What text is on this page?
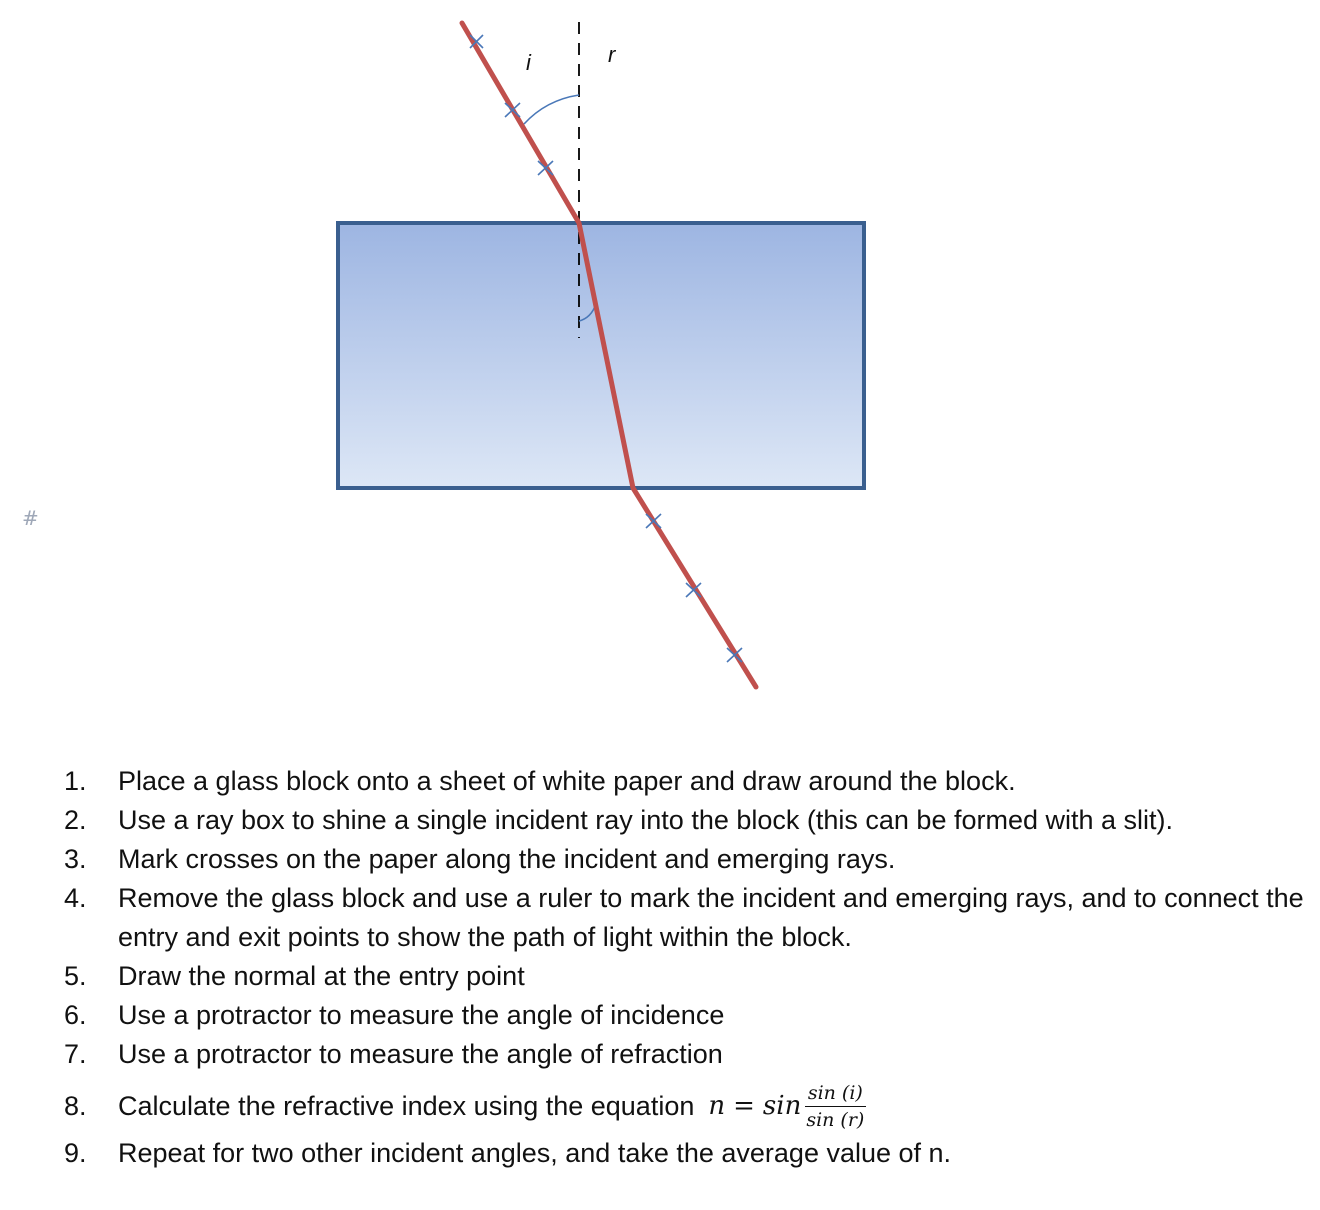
i	r
#
1.	Place a glass block onto a sheet of white paper and draw around the block.
2.	Use a ray box to shine a single incident ray into the block (this can be formed with a slit).
3.	Mark crosses on the paper along the incident and emerging rays.
4.	Remove the glass block and use a ruler to mark the incident and emerging rays, and to connect the entry and exit points to show the path of light within the block.
5.	Draw the normal at the entry point
6.	Use a protractor to measure the angle of incidence
7.	Use a protractor to measure the angle of refraction
8.	Calculate the refractive index using the equation $n = \sin \frac{\sin (i)}{\sin (r)}$
9.	Repeat for two other incident angles, and take the average value of n.
